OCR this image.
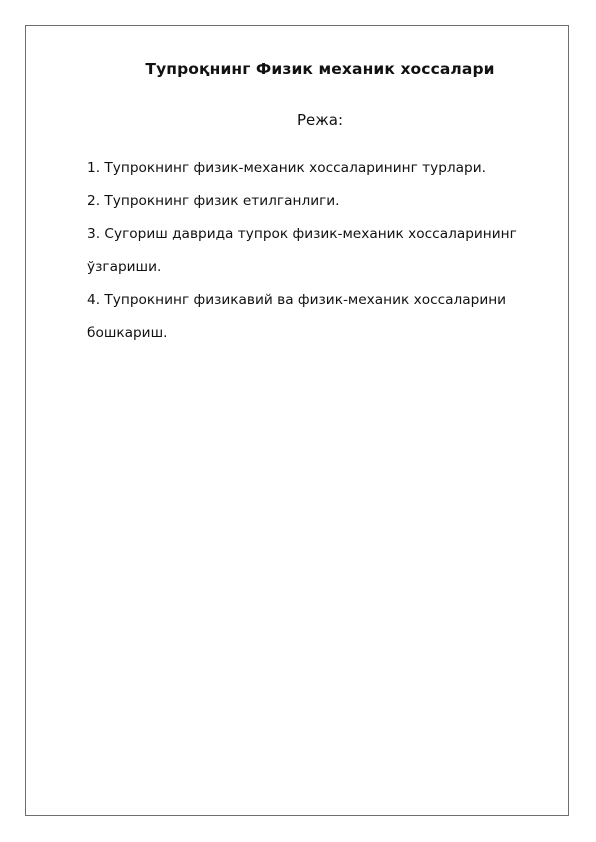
Тупроқнинг Физик механик хоссалари
Режа:

1. Тупрокнинг физик-механик хоссаларининг турлари.

2. Тупрокнинг физик етилганлиги.

3. Сугориш даврида тупрок физик-механик хоссаларининг

ўзгариши.

4. Тупрокнинг физикавий ва физик-механик хоссаларини

бошкариш.
